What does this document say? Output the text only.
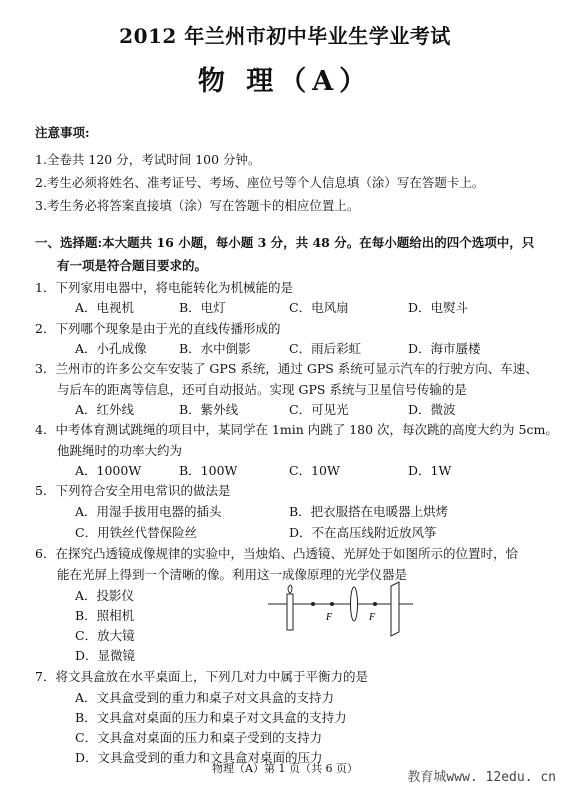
2012 年兰州市初中毕业生学业考试
物 理（A）
注意事项:
1.全卷共 120 分，考试时间 100 分钟。
2.考生必须将姓名、准考证号、考场、座位号等个人信息填（涂）写在答题卡上。
3.考生务必将答案直接填（涂）写在答题卡的相应位置上。
一、选择题:本大题共 16 小题，每小题 3 分，共 48 分。在每小题给出的四个选项中，只
有一项是符合题目要求的。
1．下列家用电器中，将电能转化为机械能的是
A．电视机	B．电灯	C．电风扇	D．电熨斗
2．下列哪个现象是由于光的直线传播形成的
A．小孔成像	B．水中倒影	C．雨后彩虹	D．海市蜃楼
3．兰州市的许多公交车安装了 GPS 系统，通过 GPS 系统可显示汽车的行驶方向、车速、
与后车的距离等信息，还可自动报站。实现 GPS 系统与卫星信号传输的是
A．红外线	B．紫外线	C．可见光	D．微波
4．中考体育测试跳绳的项目中，某同学在 1min 内跳了 180 次，每次跳的高度大约为 5cm。
他跳绳时的功率大约为
A．1000W	B．100W	C．10W	D．1W
5．下列符合安全用电常识的做法是
A．用湿手拔用电器的插头	B．把衣服搭在电暖器上烘烤
C．用铁丝代替保险丝	D．不在高压线附近放风筝
6．在探究凸透镜成像规律的实验中，当烛焰、凸透镜、光屏处于如图所示的位置时，恰
能在光屏上得到一个清晰的像。利用这一成像原理的光学仪器是
A．投影仪
B．照相机
C．放大镜
D．显微镜
F	F
7．将文具盒放在水平桌面上，下列几对力中属于平衡力的是
A．文具盒受到的重力和桌子对文具盒的支持力
B．文具盒对桌面的压力和桌子对文具盒的支持力
C．文具盒对桌面的压力和桌子受到的支持力
D．文具盒受到的重力和文具盒对桌面的压力
物理（A）第 1 页（共 6 页）
教育城www. 12edu. cn
